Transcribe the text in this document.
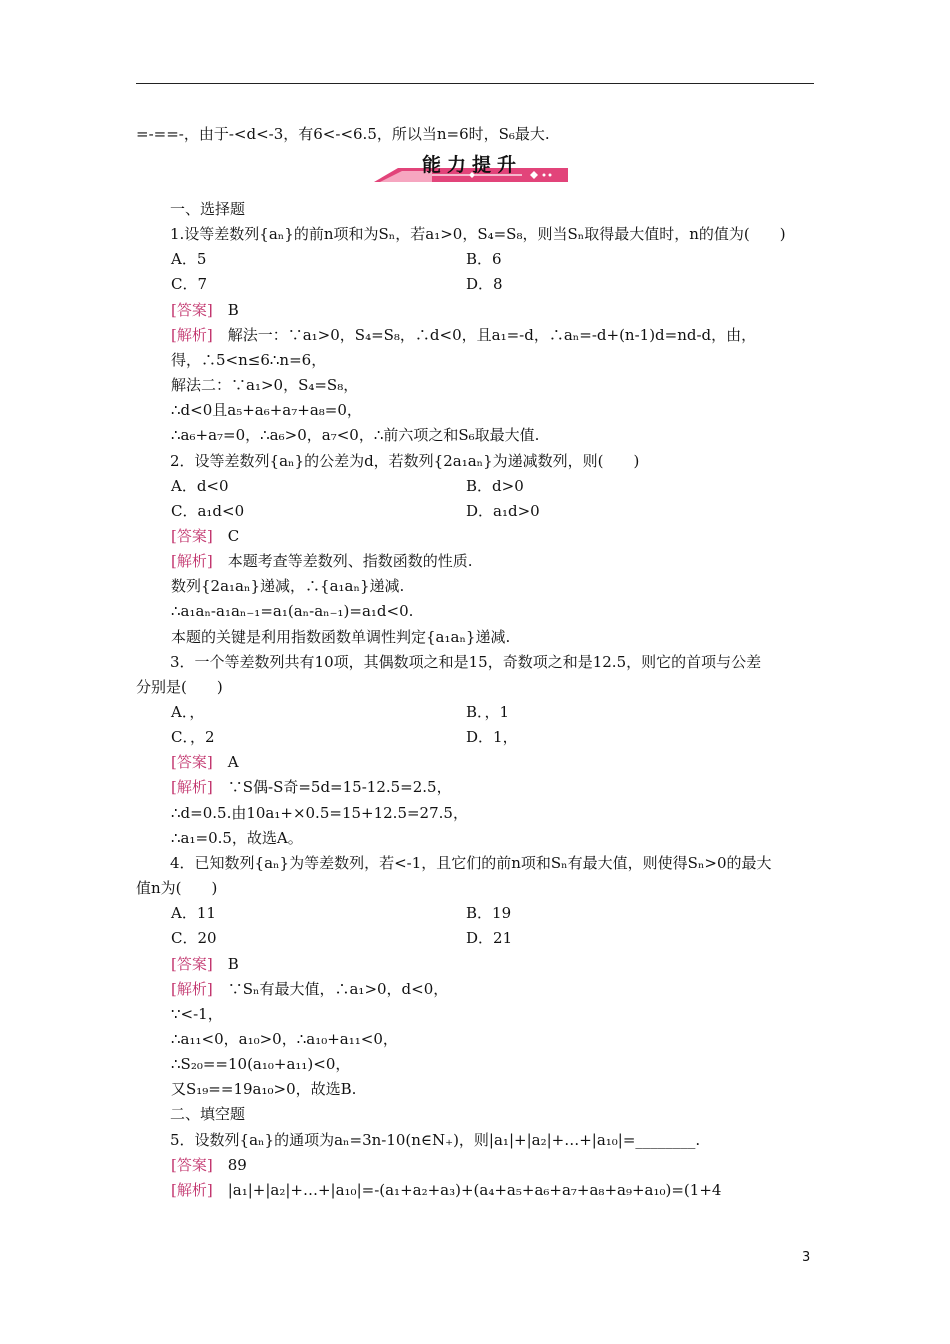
=-==-，由于-<d<-3，有6<-<6.5，所以当n=6时，S₆最大.
能力提升
一、选择题
1.设等差数列{aₙ}的前n项和为Sₙ，若a₁>0，S₄=S₈，则当Sₙ取得最大值时，n的值为(　　)
A．5	B．6
C．7	D．8
[答案]　B
[解析]　解法一：∵a₁>0，S₄=S₈，∴d<0，且a₁=-d，∴aₙ=-d+(n-1)d=nd-d，由，
得，∴5<n≤6∴n=6，
解法二：∵a₁>0，S₄=S₈，
∴d<0且a₅+a₆+a₇+a₈=0，
∴a₆+a₇=0，∴a₆>0，a₇<0，∴前六项之和S₆取最大值.
2．设等差数列{aₙ}的公差为d，若数列{2a₁aₙ}为递减数列，则(　　)
A．d<0	B．d>0
C．a₁d<0	D．a₁d>0
[答案]　C
[解析]　本题考查等差数列、指数函数的性质.
数列{2a₁aₙ}递减，∴{a₁aₙ}递减.
∴a₁aₙ-a₁aₙ₋₁=a₁(aₙ-aₙ₋₁)=a₁d<0.
本题的关键是利用指数函数单调性判定{a₁aₙ}递减.
3．一个等差数列共有10项，其偶数项之和是15，奇数项之和是12.5，则它的首项与公差
分别是(　　)
A．，	B．，1
C．，2	D．1，
[答案]　A
[解析]　∵S偶-S奇=5d=15-12.5=2.5，
∴d=0.5.由10a₁+×0.5=15+12.5=27.5，
∴a₁=0.5，故选A。
4．已知数列{aₙ}为等差数列，若<-1，且它们的前n项和Sₙ有最大值，则使得Sₙ>0的最大
值n为(　　)
A．11	B．19
C．20	D．21
[答案]　B
[解析]　∵Sₙ有最大值，∴a₁>0，d<0，
∵<-1，
∴a₁₁<0，a₁₀>0，∴a₁₀+a₁₁<0，
∴S₂₀==10(a₁₀+a₁₁)<0，
又S₁₉==19a₁₀>0，故选B.
二、填空题
5．设数列{aₙ}的通项为aₙ=3n-10(n∈N₊)，则|a₁|+|a₂|+…+|a₁₀|=________.
[答案]　89
[解析]　|a₁|+|a₂|+…+|a₁₀|=-(a₁+a₂+a₃)+(a₄+a₅+a₆+a₇+a₈+a₉+a₁₀)=(1+4
3
